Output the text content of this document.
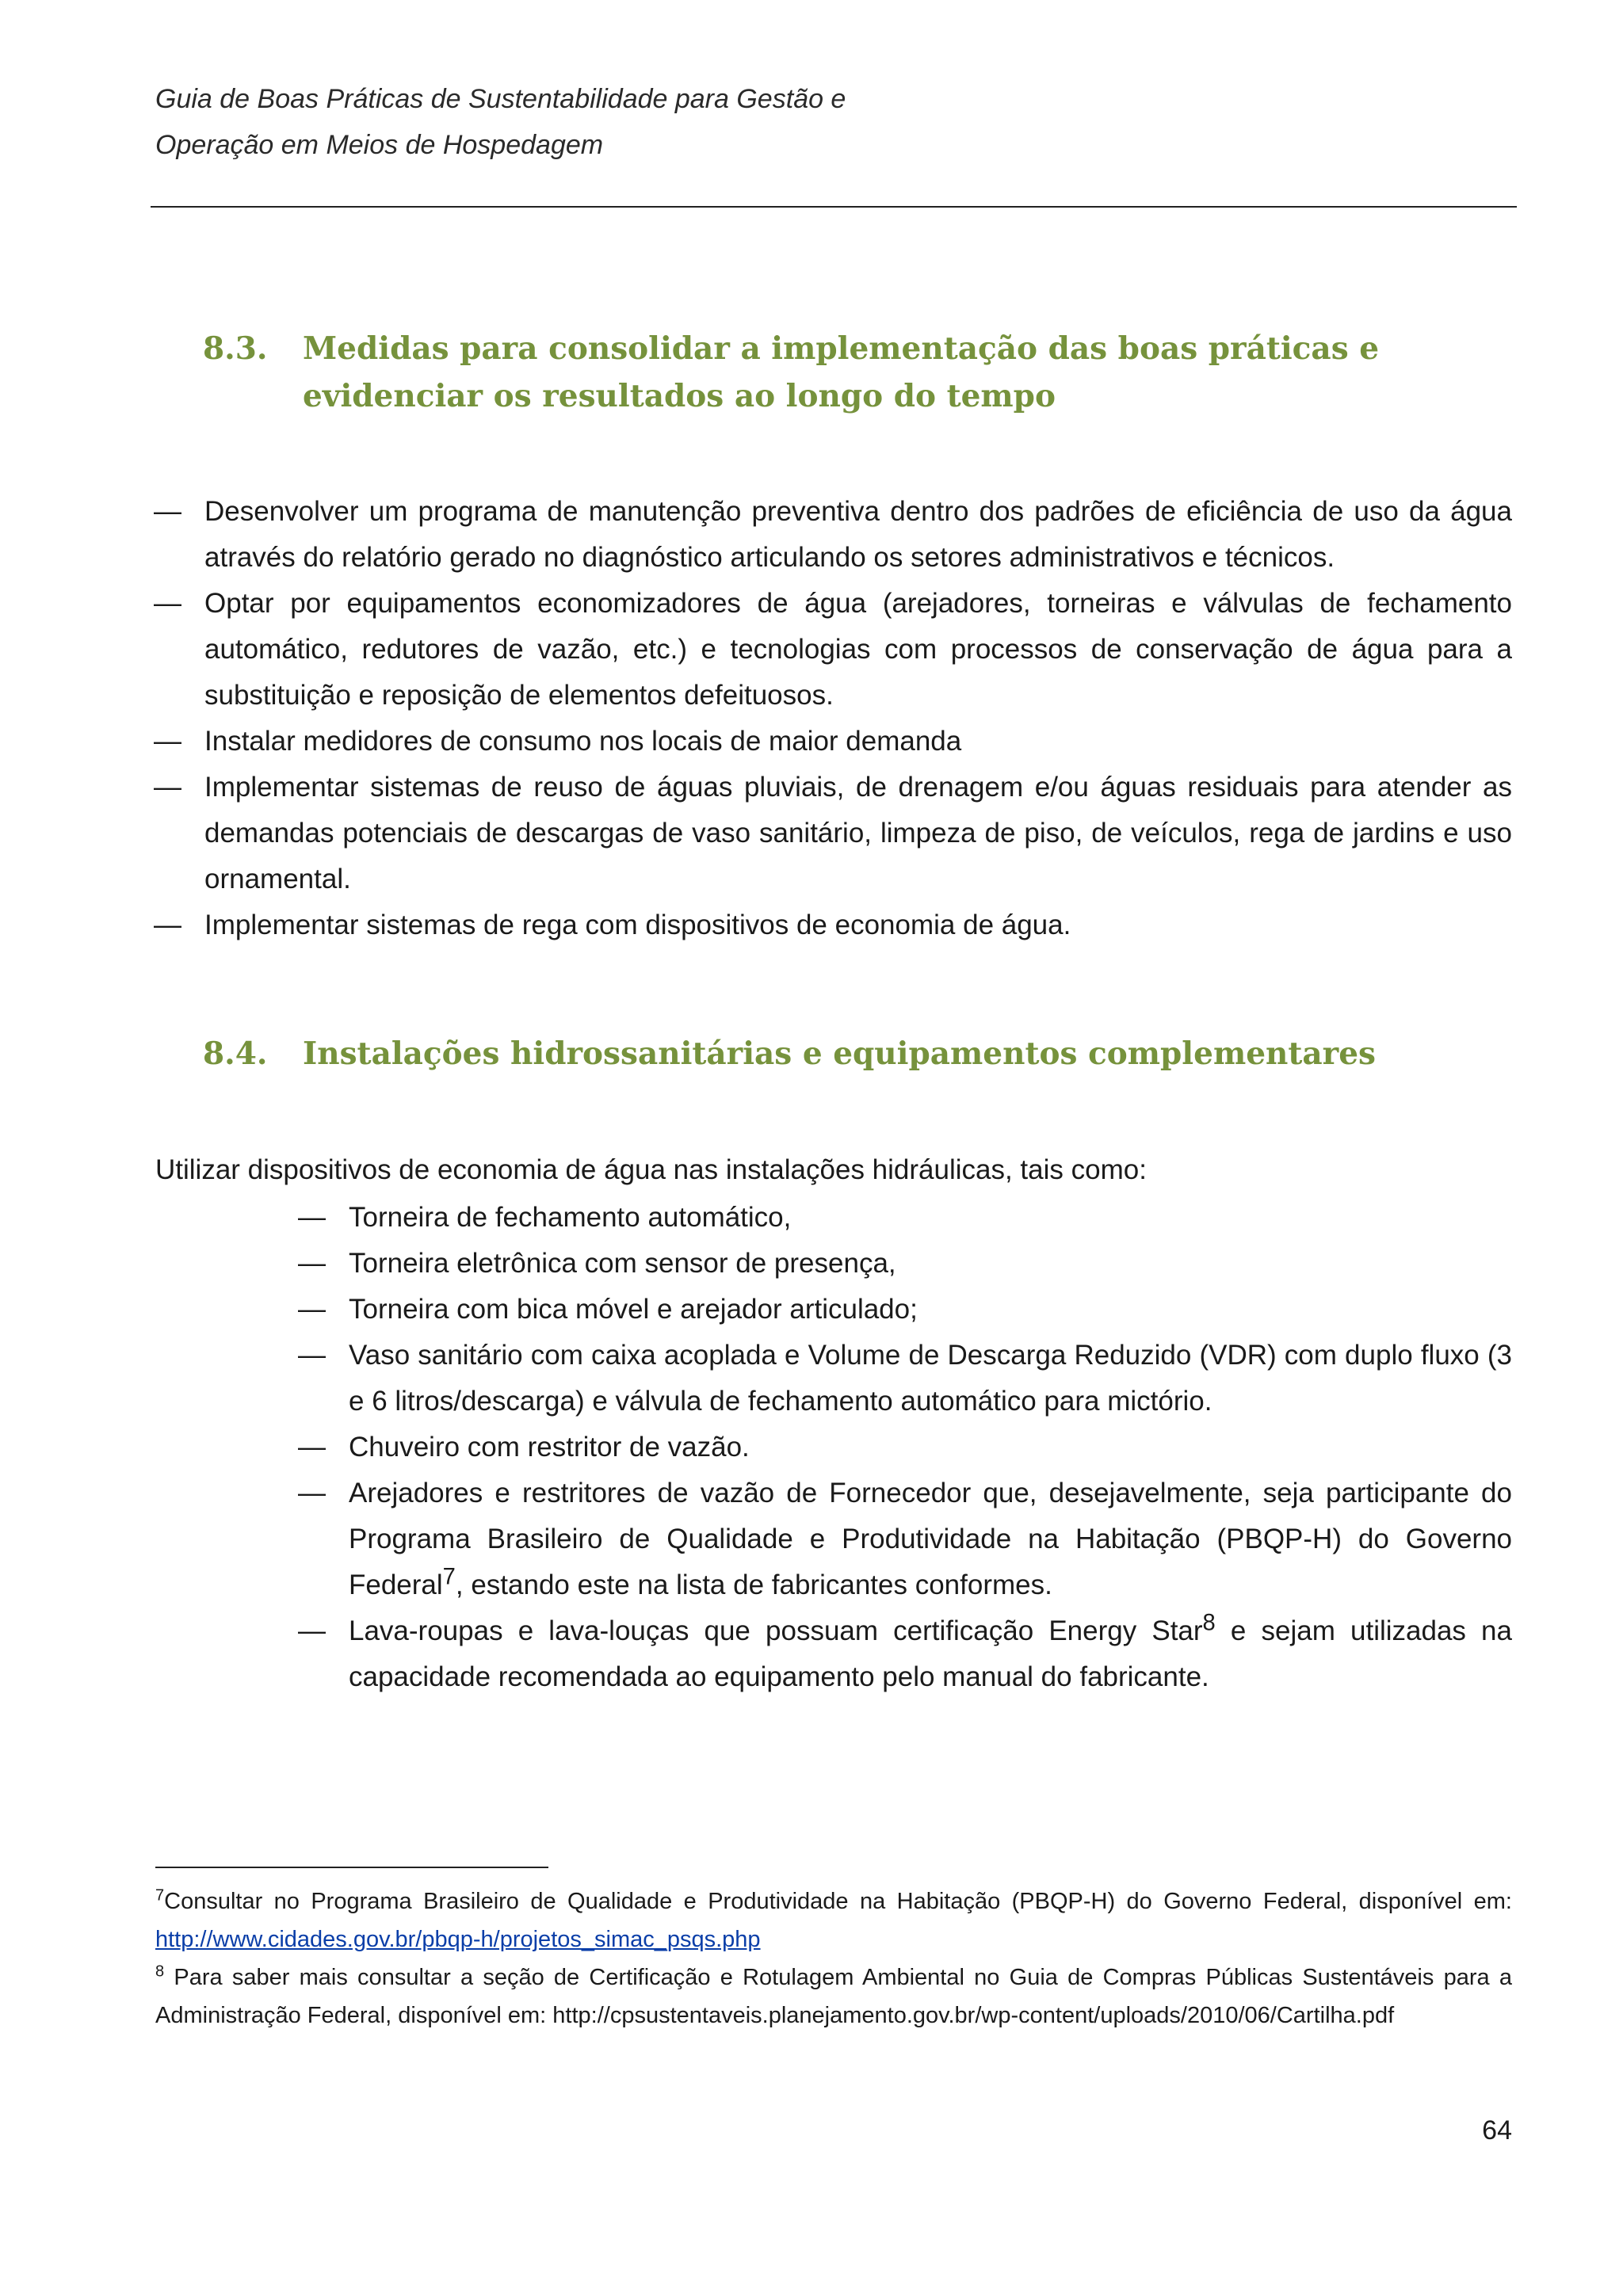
Guia de Boas Práticas de Sustentabilidade para Gestão e
Operação em Meios de Hospedagem
8.3. Medidas para consolidar a implementação das boas práticas e evidenciar os resultados ao longo do tempo
— Desenvolver um programa de manutenção preventiva dentro dos padrões de eficiência de uso da água através do relatório gerado no diagnóstico articulando os setores administrativos e técnicos.
— Optar por equipamentos economizadores de água (arejadores, torneiras e válvulas de fechamento automático, redutores de vazão, etc.) e tecnologias com processos de conservação de água para a substituição e reposição de elementos defeituosos.
— Instalar medidores de consumo nos locais de maior demanda
— Implementar sistemas de reuso de águas pluviais, de drenagem e/ou águas residuais para atender as demandas potenciais de descargas de vaso sanitário, limpeza de piso, de veículos, rega de jardins e uso ornamental.
— Implementar sistemas de rega com dispositivos de economia de água.
8.4. Instalações hidrossanitárias e equipamentos complementares
Utilizar dispositivos de economia de água nas instalações hidráulicas, tais como:
— Torneira de fechamento automático,
— Torneira eletrônica com sensor de presença,
— Torneira com bica móvel e arejador articulado;
— Vaso sanitário com caixa acoplada e Volume de Descarga Reduzido (VDR) com duplo fluxo (3 e 6 litros/descarga) e válvula de fechamento automático para mictório.
— Chuveiro com restritor de vazão.
— Arejadores e restritores de vazão de Fornecedor que, desejavelmente, seja participante do Programa Brasileiro de Qualidade e Produtividade na Habitação (PBQP-H) do Governo Federal$^7$, estando este na lista de fabricantes conformes.
— Lava-roupas e lava-louças que possuam certificação Energy Star$^8$ e sejam utilizadas na capacidade recomendada ao equipamento pelo manual do fabricante.
$^7$Consultar no Programa Brasileiro de Qualidade e Produtividade na Habitação (PBQP-H) do Governo Federal, disponível em: http://www.cidades.gov.br/pbqp-h/projetos_simac_psqs.php
$^8$ Para saber mais consultar a seção de Certificação e Rotulagem Ambiental no Guia de Compras Públicas Sustentáveis para a Administração Federal, disponível em: http://cpsustentaveis.planejamento.gov.br/wp-content/uploads/2010/06/Cartilha.pdf
64
